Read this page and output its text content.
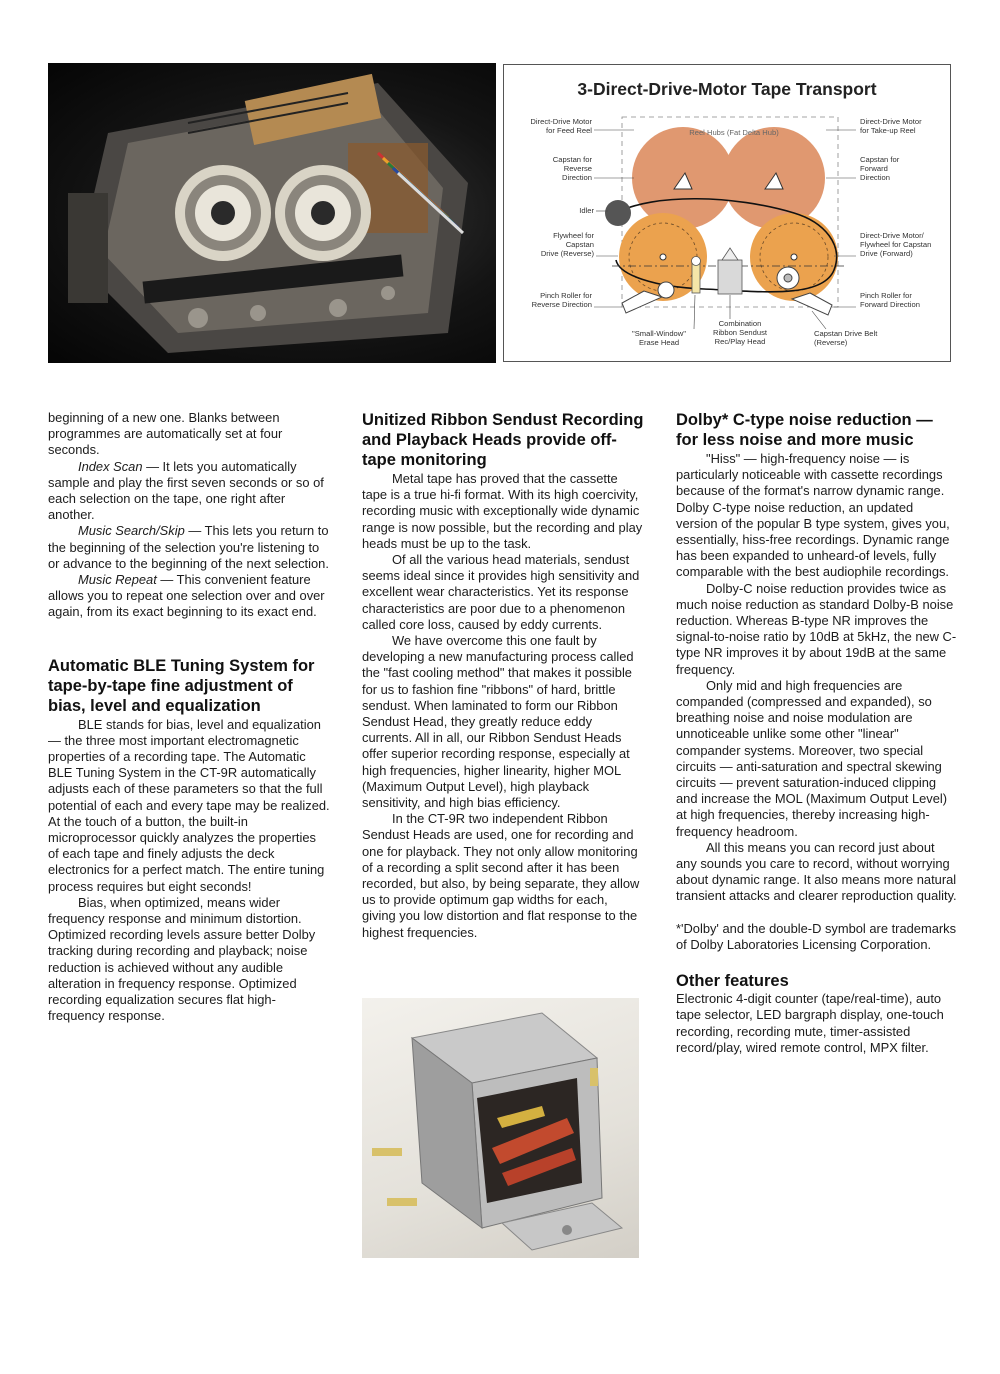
3-Direct-Drive-Motor Tape Transport
Direct-Drive Motor
for Feed Reel
Capstan for
Reverse
Direction
Idler
Flywheel for
Capstan
Drive (Reverse)
Pinch Roller for
Reverse Direction
Reel Hubs (Fat Delta Hub)
Direct-Drive Motor
for Take-up Reel
Capstan for
Forward
Direction
Direct-Drive Motor/
Flywheel for Capstan
Drive (Forward)
Pinch Roller for
Forward Direction
"Small-Window"
Erase Head
Combination
Ribbon Sendust
Rec/Play Head
Capstan Drive Belt
(Reverse)

beginning of a new one. Blanks between programmes are automatically set at four seconds.

Index Scan — It lets you automatically sample and play the first seven seconds or so of each selection on the tape, one right after another.

Music Search/Skip — This lets you return to the beginning of the selection you're listening to or advance to the beginning of the next selection.

Music Repeat — This convenient feature allows you to repeat one selection over and over again, from its exact beginning to its exact end.

Automatic BLE Tuning System for tape-by-tape fine adjustment of bias, level and equalization

BLE stands for bias, level and equalization — the three most important electromagnetic properties of a recording tape. The Automatic BLE Tuning System in the CT-9R automatically adjusts each of these parameters so that the full potential of each and every tape may be realized. At the touch of a button, the built-in microprocessor quickly analyzes the properties of each tape and finely adjusts the deck electronics for a perfect match. The entire tuning process requires but eight seconds!

Bias, when optimized, means wider frequency response and minimum distortion. Optimized recording levels assure better Dolby tracking during recording and playback; noise reduction is achieved without any audible alteration in frequency response. Optimized recording equalization secures flat high-frequency response.

Unitized Ribbon Sendust Recording and Playback Heads provide off-tape monitoring

Metal tape has proved that the cassette tape is a true hi-fi format. With its high coercivity, recording music with exceptionally wide dynamic range is now possible, but the recording and play heads must be up to the task.

Of all the various head materials, sendust seems ideal since it provides high sensitivity and excellent wear characteristics. Yet its response characteristics are poor due to a phenomenon called core loss, caused by eddy currents.

We have overcome this one fault by developing a new manufacturing process called the "fast cooling method" that makes it possible for us to fashion fine "ribbons" of hard, brittle sendust. When laminated to form our Ribbon Sendust Head, they greatly reduce eddy currents. All in all, our Ribbon Sendust Heads offer superior recording response, especially at high frequencies, higher linearity, higher MOL (Maximum Output Level), high playback sensitivity, and high bias efficiency.

In the CT-9R two independent Ribbon Sendust Heads are used, one for recording and one for playback. They not only allow monitoring of a recording a split second after it has been recorded, but also, by being separate, they allow us to provide optimum gap widths for each, giving you low distortion and flat response to the highest frequencies.

Dolby* C-type noise reduction — for less noise and more music

"Hiss" — high-frequency noise — is particularly noticeable with cassette recordings because of the format's narrow dynamic range. Dolby C-type noise reduction, an updated version of the popular B type system, gives you, essentially, hiss-free recordings. Dynamic range has been expanded to unheard-of levels, fully comparable with the best audiophile recordings.

Dolby-C noise reduction provides twice as much noise reduction as standard Dolby-B noise reduction. Whereas B-type NR improves the signal-to-noise ratio by 10dB at 5kHz, the new C-type NR improves it by about 19dB at the same frequency.

Only mid and high frequencies are companded (compressed and expanded), so breathing noise and noise modulation are unnoticeable unlike some other "linear" compander systems. Moreover, two special circuits — anti-saturation and spectral skewing circuits — prevent saturation-induced clipping and increase the MOL (Maximum Output Level) at high frequencies, thereby increasing high-frequency headroom.

All this means you can record just about any sounds you care to record, without worrying about dynamic range. It also means more natural transient attacks and clearer reproduction quality.

*'Dolby' and the double-D symbol are trademarks of Dolby Laboratories Licensing Corporation.

Other features

Electronic 4-digit counter (tape/real-time), auto tape selector, LED bargraph display, one-touch recording, recording mute, timer-assisted record/play, wired remote control, MPX filter.
